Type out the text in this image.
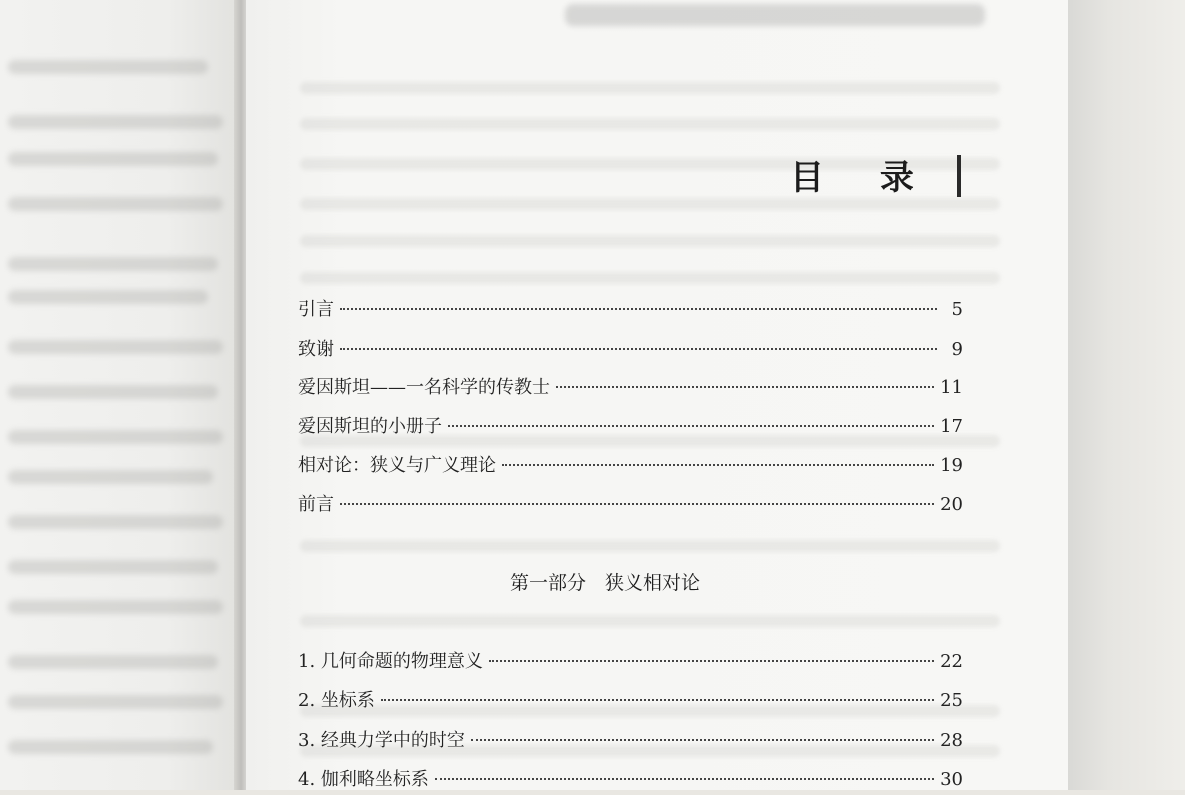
目 录
引言	5
致谢	9
爱因斯坦——一名科学的传教士	11
爱因斯坦的小册子	17
相对论：狭义与广义理论	19
前言	20
第一部分　狭义相对论
1. 几何命题的物理意义	22
2. 坐标系	25
3. 经典力学中的时空	28
4. 伽利略坐标系	30
